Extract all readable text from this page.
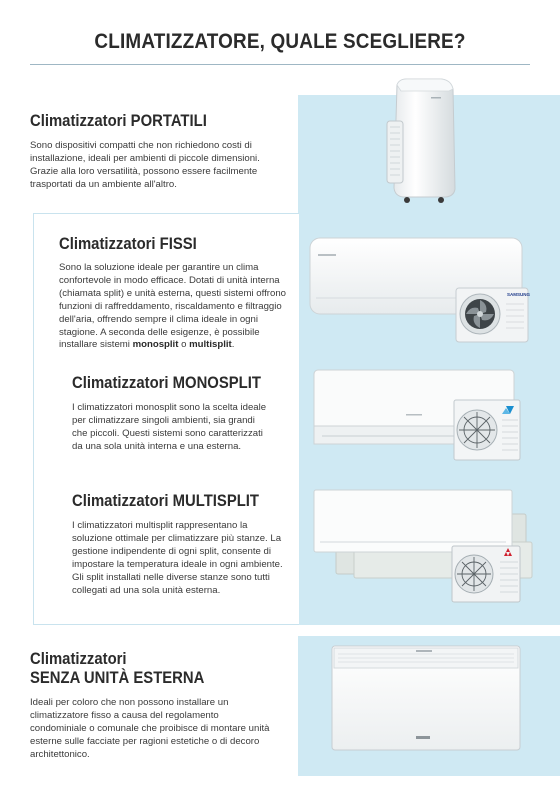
CLIMATIZZATORE, QUALE SCEGLIERE?
Climatizzatori PORTATILI
Sono dispositivi compatti che non richiedono costi di installazione, ideali per ambienti di piccole dimensioni. Grazie alla loro versatilità, possono essere facilmente trasportati da un ambiente all'altro.
Climatizzatori FISSI
Sono la soluzione ideale per garantire un clima confortevole in modo efficace. Dotati di unità interna (chiamata split) e unità esterna, questi sistemi offrono funzioni di raffreddamento, riscaldamento e filtraggio dell'aria, offrendo sempre il clima ideale in ogni stagione. A seconda delle esigenze, è possibile installare sistemi monosplit o multisplit.
SAMSUNG
Climatizzatori MONOSPLIT
I climatizzatori monosplit sono la scelta ideale per climatizzare singoli ambienti, sia grandi che piccoli. Questi sistemi sono caratterizzati da una sola unità interna e una esterna.
Climatizzatori MULTISPLIT
I climatizzatori multisplit rappresentano la soluzione ottimale per climatizzare più stanze. La gestione indipendente di ogni split, consente di impostare la temperatura ideale in ogni ambiente. Gli split installati nelle diverse stanze sono tutti collegati ad una sola unità esterna.
Climatizzatori
SENZA UNITÀ ESTERNA
Ideali per coloro che non possono installare un climatizzatore fisso a causa del regolamento condominiale o comunale che proibisce di montare unità esterne sulle facciate per ragioni estetiche o di decoro architettonico.
